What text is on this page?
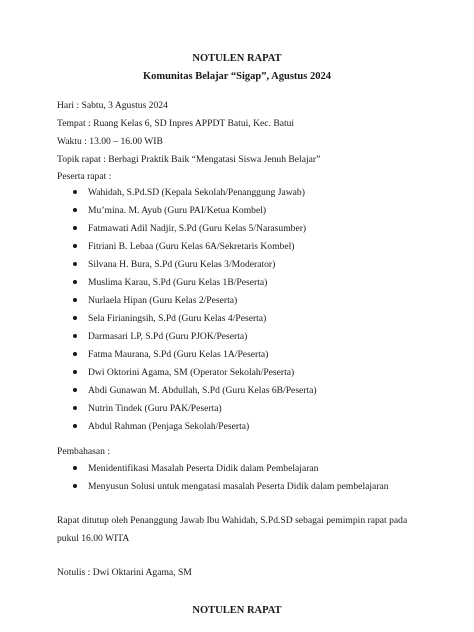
NOTULEN RAPAT
Komunitas Belajar “Sigap”, Agustus 2024
Hari : Sabtu, 3 Agustus 2024
Tempat : Ruang Kelas 6, SD Inpres APPDT Batui, Kec. Batui
Waktu : 13.00 – 16.00 WIB
Topik rapat : Berbagi Praktik Baik “Mengatasi Siswa Jenuh Belajar”
Peserta rapat :
Wahidah, S.Pd.SD (Kepala Sekolah/Penanggung Jawab)
Mu’mina. M. Ayub (Guru PAI/Ketua Kombel)
Fatmawati Adil Nadjir, S.Pd (Guru Kelas 5/Narasumber)
Fitriani B. Lebaa (Guru Kelas 6A/Sekretaris Kombel)
Silvana H. Bura, S.Pd (Guru Kelas 3/Moderator)
Muslima Karau, S.Pd (Guru Kelas 1B/Peserta)
Nurlaela Hipan (Guru Kelas 2/Peserta)
Sela Firianingsih, S.Pd (Guru Kelas 4/Peserta)
Darmasari LP, S.Pd (Guru PJOK/Peserta)
Fatma Maurana, S.Pd (Guru Kelas 1A/Peserta)
Dwi Oktorini Agama, SM (Operator Sekolah/Peserta)
Abdi Gunawan M. Abdullah, S.Pd (Guru Kelas 6B/Peserta)
Nutrin Tindek (Guru PAK/Peserta)
Abdul Rahman (Penjaga Sekolah/Peserta)
Pembahasan :
Menidentifikasi Masalah Peserta Didik dalam Pembelajaran
Menyusun Solusi untuk mengatasi masalah Peserta Didik dalam pembelajaran
Rapat ditutup oleh Penanggung Jawab Ibu Wahidah, S.Pd.SD sebagai pemimpin rapat pada
pukul 16.00 WITA
Notulis : Dwi Oktarini Agama, SM
NOTULEN RAPAT
